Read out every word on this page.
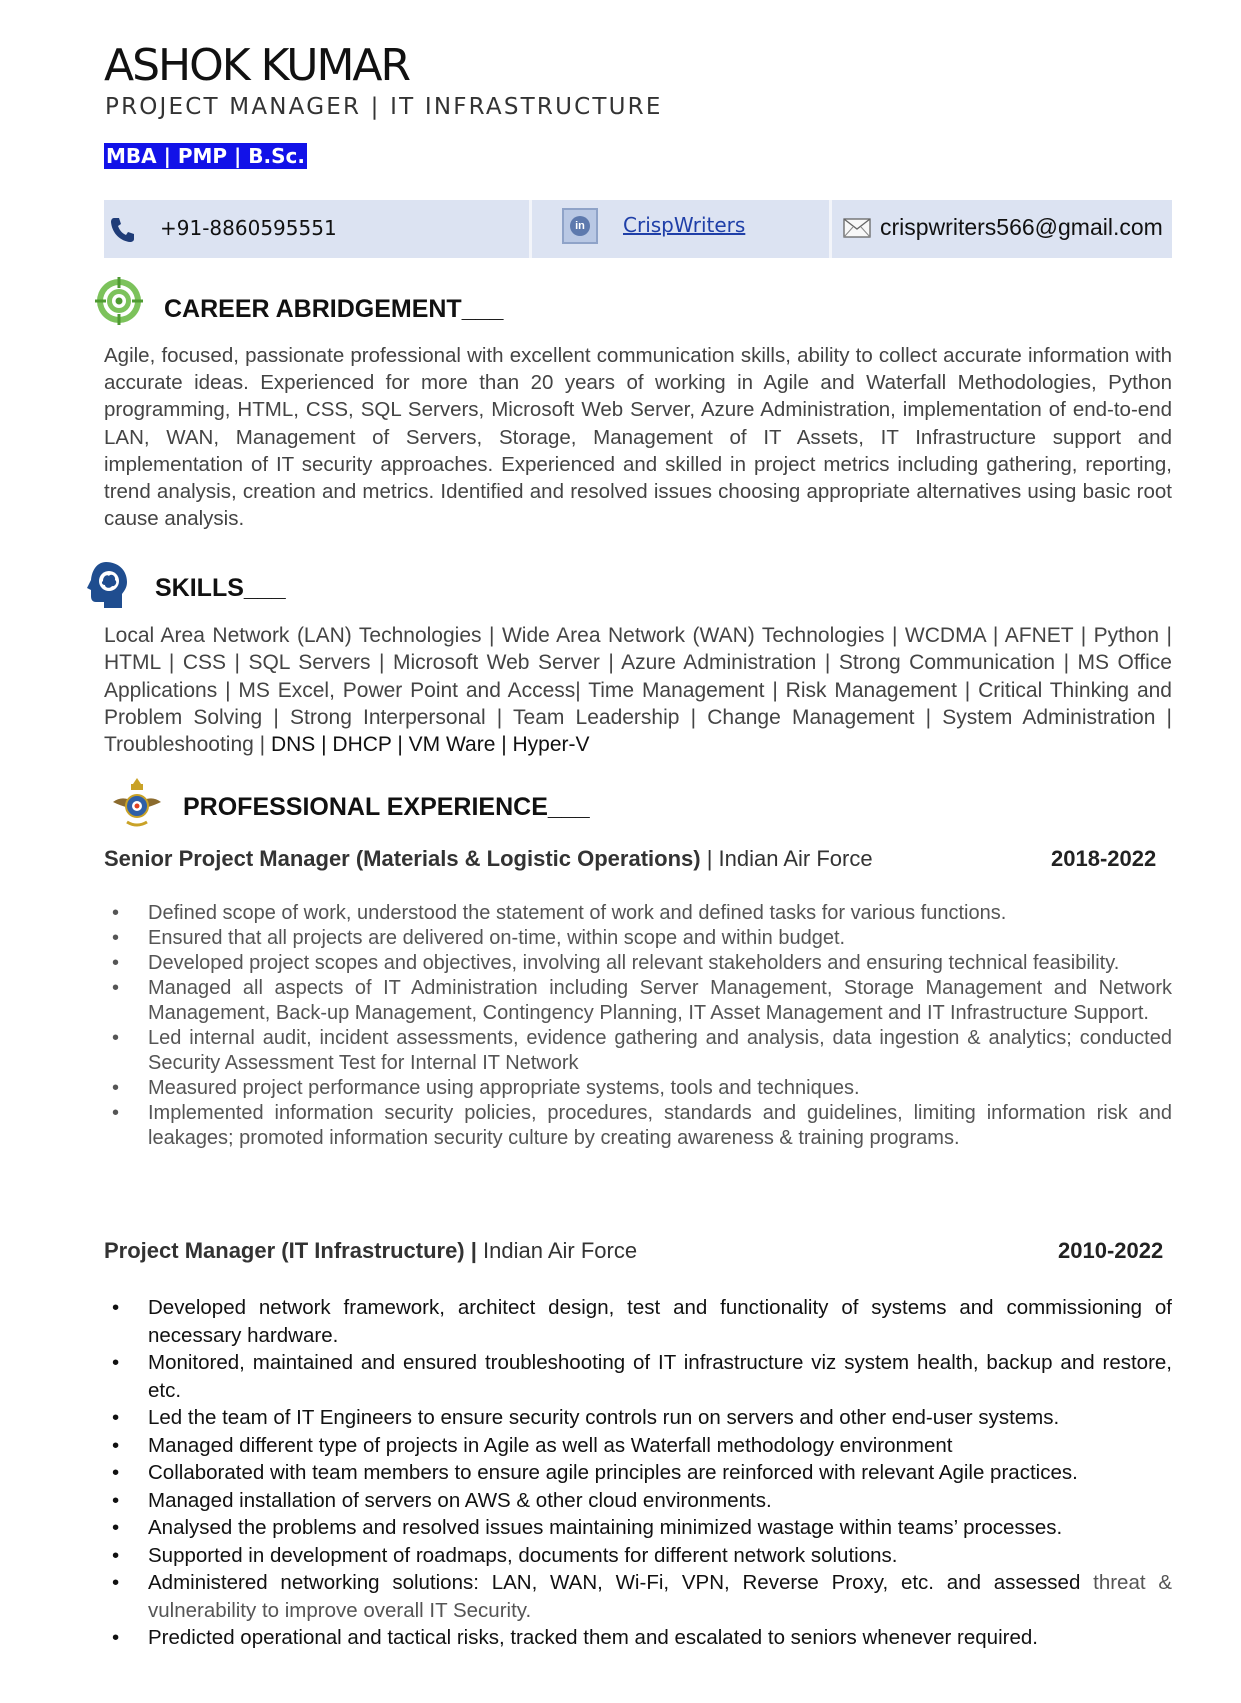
ASHOK KUMAR
PROJECT MANAGER | IT INFRASTRUCTURE
MBA | PMP | B.Sc.
+91-8860595551	in CrispWriters	crispwriters566@gmail.com
CAREER ABRIDGEMENT___
Agile, focused, passionate professional with excellent communication skills, ability to collect accurate information with accurate ideas. Experienced for more than 20 years of working in Agile and Waterfall Methodologies, Python programming, HTML, CSS, SQL Servers, Microsoft Web Server, Azure Administration, implementation of end-to-end LAN, WAN, Management of Servers, Storage, Management of IT Assets, IT Infrastructure support and implementation of IT security approaches. Experienced and skilled in project metrics including gathering, reporting, trend analysis, creation and metrics. Identified and resolved issues choosing appropriate alternatives using basic root cause analysis.
SKILLS___
Local Area Network (LAN) Technologies | Wide Area Network (WAN) Technologies | WCDMA | AFNET | Python | HTML | CSS | SQL Servers | Microsoft Web Server | Azure Administration | Strong Communication | MS Office Applications | MS Excel, Power Point and Access| Time Management | Risk Management | Critical Thinking and Problem Solving | Strong Interpersonal | Team Leadership | Change Management | System Administration | Troubleshooting | DNS | DHCP | VM Ware | Hyper-V
PROFESSIONAL EXPERIENCE___
Senior Project Manager (Materials & Logistic Operations) | Indian Air Force	2018-2022
• Defined scope of work, understood the statement of work and defined tasks for various functions.
• Ensured that all projects are delivered on-time, within scope and within budget.
• Developed project scopes and objectives, involving all relevant stakeholders and ensuring technical feasibility.
• Managed all aspects of IT Administration including Server Management, Storage Management and Network Management, Back-up Management, Contingency Planning, IT Asset Management and IT Infrastructure Support.
• Led internal audit, incident assessments, evidence gathering and analysis, data ingestion & analytics; conducted Security Assessment Test for Internal IT Network
• Measured project performance using appropriate systems, tools and techniques.
• Implemented information security policies, procedures, standards and guidelines, limiting information risk and leakages; promoted information security culture by creating awareness & training programs.
Project Manager (IT Infrastructure) | Indian Air Force	2010-2022
• Developed network framework, architect design, test and functionality of systems and commissioning of necessary hardware.
• Monitored, maintained and ensured troubleshooting of IT infrastructure viz system health, backup and restore, etc.
• Led the team of IT Engineers to ensure security controls run on servers and other end-user systems.
• Managed different type of projects in Agile as well as Waterfall methodology environment
• Collaborated with team members to ensure agile principles are reinforced with relevant Agile practices.
• Managed installation of servers on AWS & other cloud environments.
• Analysed the problems and resolved issues maintaining minimized wastage within teams’ processes.
• Supported in development of roadmaps, documents for different network solutions.
• Administered networking solutions: LAN, WAN, Wi-Fi, VPN, Reverse Proxy, etc. and assessed threat & vulnerability to improve overall IT Security.
• Predicted operational and tactical risks, tracked them and escalated to seniors whenever required.
